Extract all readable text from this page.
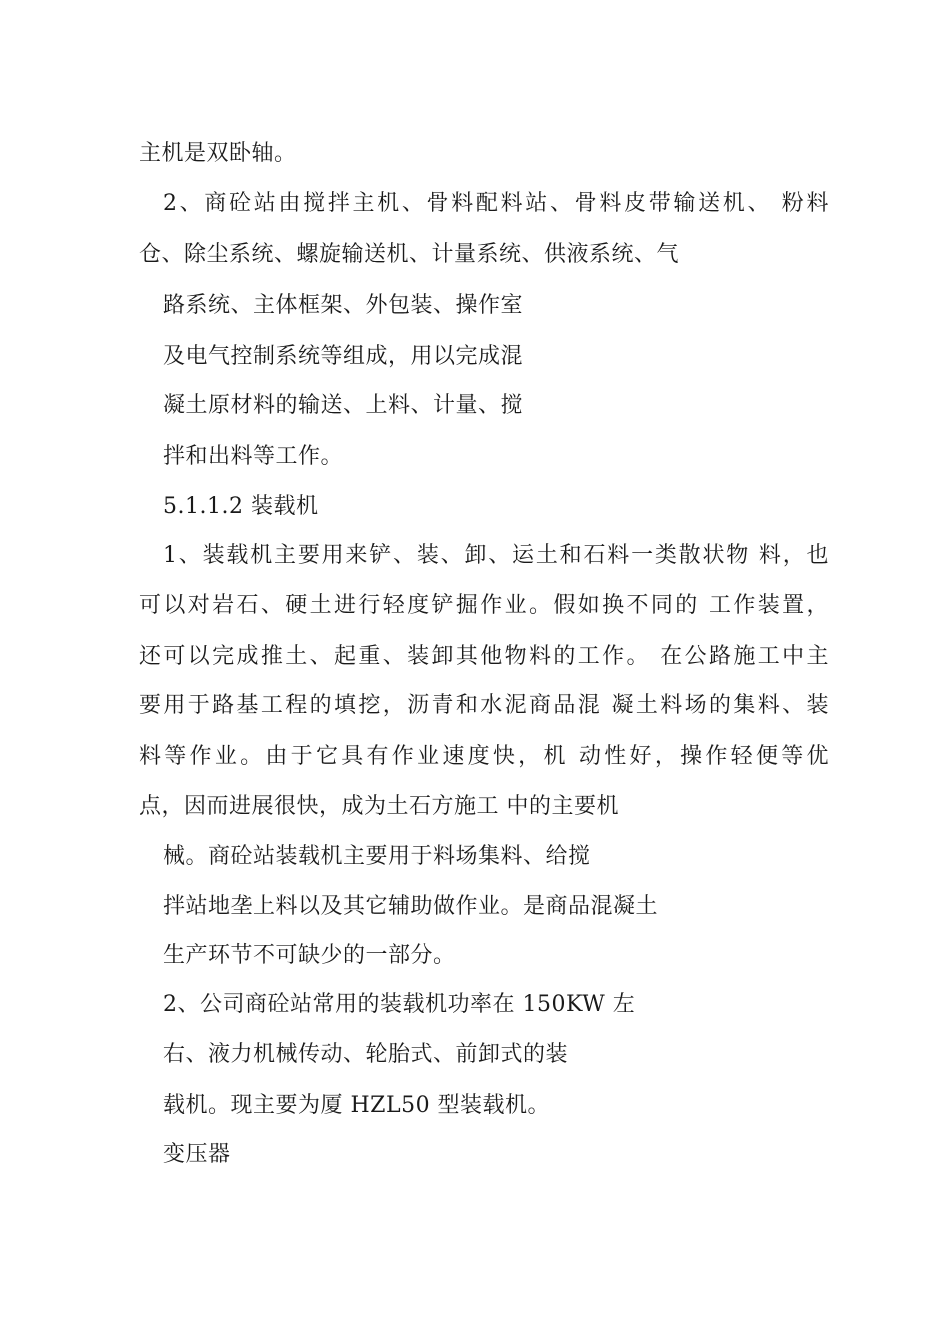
主机是双卧轴。
2、商砼站由搅拌主机、骨料配料站、骨料皮带输送机、 粉料
仓、除尘系统、螺旋输送机、计量系统、供液系统、气
路系统、主体框架、外包装、操作室
及电气控制系统等组成，用以完成混
凝土原材料的输送、上料、计量、搅
拌和出料等工作。
5.1.1.2 装载机
1、装载机主要用来铲、装、卸、运土和石料一类散状物 料，也
可以对岩石、硬土进行轻度铲掘作业。假如换不同的 工作装置，
还可以完成推土、起重、装卸其他物料的工作。 在公路施工中主
要用于路基工程的填挖，沥青和水泥商品混 凝土料场的集料、装
料等作业。由于它具有作业速度快，机 动性好，操作轻便等优
点，因而进展很快，成为土石方施工 中的主要机
械。商砼站装载机主要用于料场集料、给搅
拌站地垄上料以及其它辅助做作业。是商品混凝土
生产环节不可缺少的一部分。
2、公司商砼站常用的装载机功率在 150KW 左
右、液力机械传动、轮胎式、前卸式的装
载机。现主要为厦 HZL50 型装载机。
变压器
